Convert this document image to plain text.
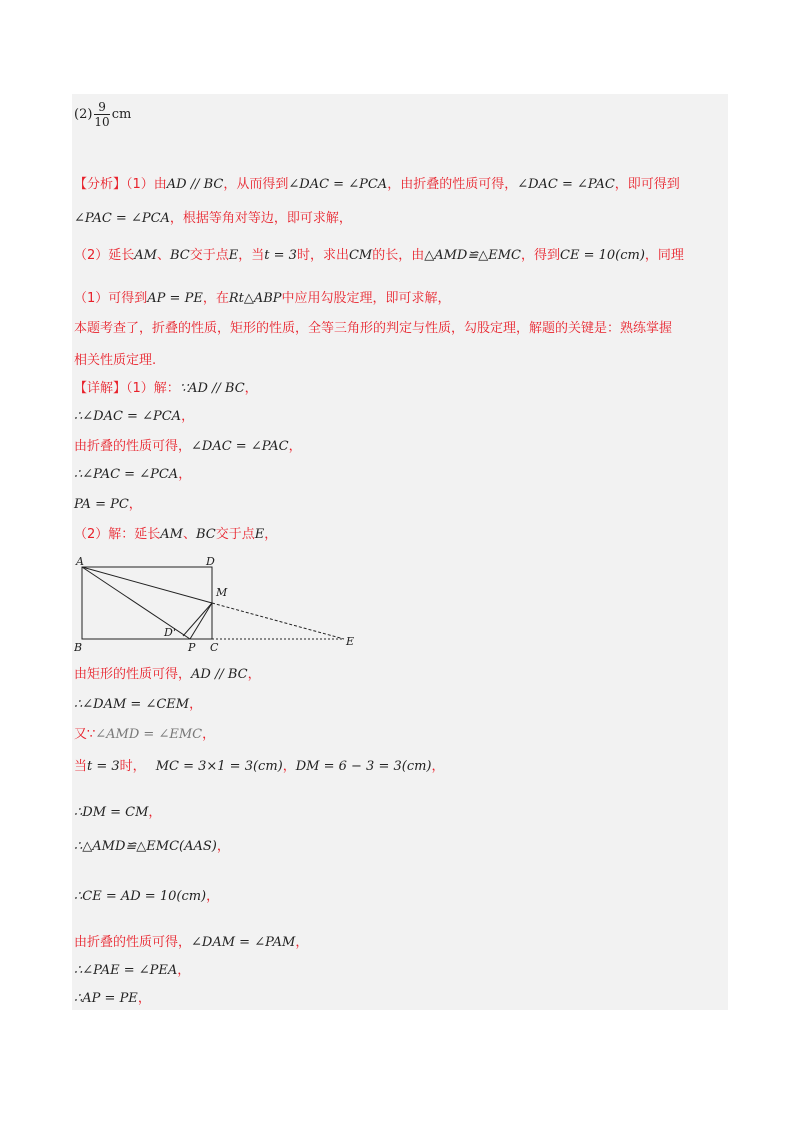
$(2) \frac{9}{10}$ cm
【分析】（1）由AD // BC，从而得到∠DAC = ∠PCA，由折叠的性质可得，∠DAC = ∠PAC，即可得到
∠PAC = ∠PCA，根据等角对等边，即可求解，
（2）延长AM、BC交于点E，当t = 3时，求出CM的长，由△AMD≌△EMC，得到CE = 10(cm)，同理
（1）可得到AP = PE，在Rt△ABP中应用勾股定理，即可求解，
本题考查了，折叠的性质，矩形的性质，全等三角形的判定与性质，勾股定理，解题的关键是：熟练掌握
相关性质定理.
【详解】（1）解：∵AD // BC，
∴∠DAC = ∠PCA，
由折叠的性质可得，∠DAC = ∠PAC，
∴∠PAC = ∠PCA，
PA = PC，
（2）解：延长AM、BC交于点E，
A	D
M
D'
B	P C	E
由矩形的性质可得，AD // BC，
∴∠DAM = ∠CEM，
又∵∠AMD = ∠EMC，
当t = 3时， MC = 3×1 = 3(cm)，DM = 6 − 3 = 3(cm)，
∴DM = CM，
∴△AMD≌△EMC(AAS)，
∴CE = AD = 10(cm)，
由折叠的性质可得，∠DAM = ∠PAM，
∴∠PAE = ∠PEA，
∴AP = PE，
